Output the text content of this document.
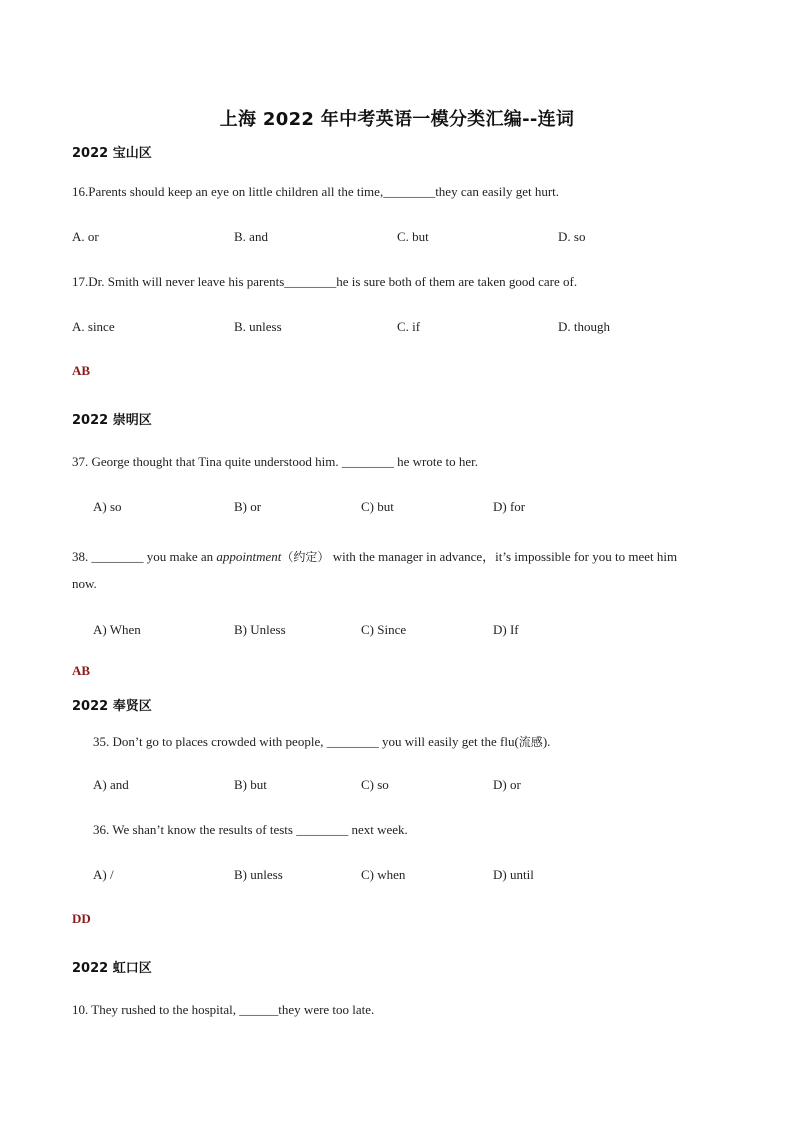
上海 2022 年中考英语一模分类汇编--连词
2022 宝山区
16.Parents should keep an eye on little children all the time,________they can easily get hurt.
A. or	B. and	C. but	D. so
17.Dr. Smith will never leave his parents________he is sure both of them are taken good care of.
A. since	B. unless	C. if	D. though
AB
2022 崇明区
37. George thought that Tina quite understood him. ________ he wrote to her.
A) so	B) or	C) but	D) for
38. ________ you make an appointment（约定） with the manager in advance，it’s impossible for you to meet him
now.
A) When	B) Unless	C) Since	D) If
AB
2022 奉贤区
35. Don’t go to places crowded with people, ________ you will easily get the flu(流感).
A) and	B) but	C) so	D) or
36. We shan’t know the results of tests ________ next week.
A) /	B) unless	C) when	D) until
DD
2022 虹口区
10. They rushed to the hospital, ______they were too late.
